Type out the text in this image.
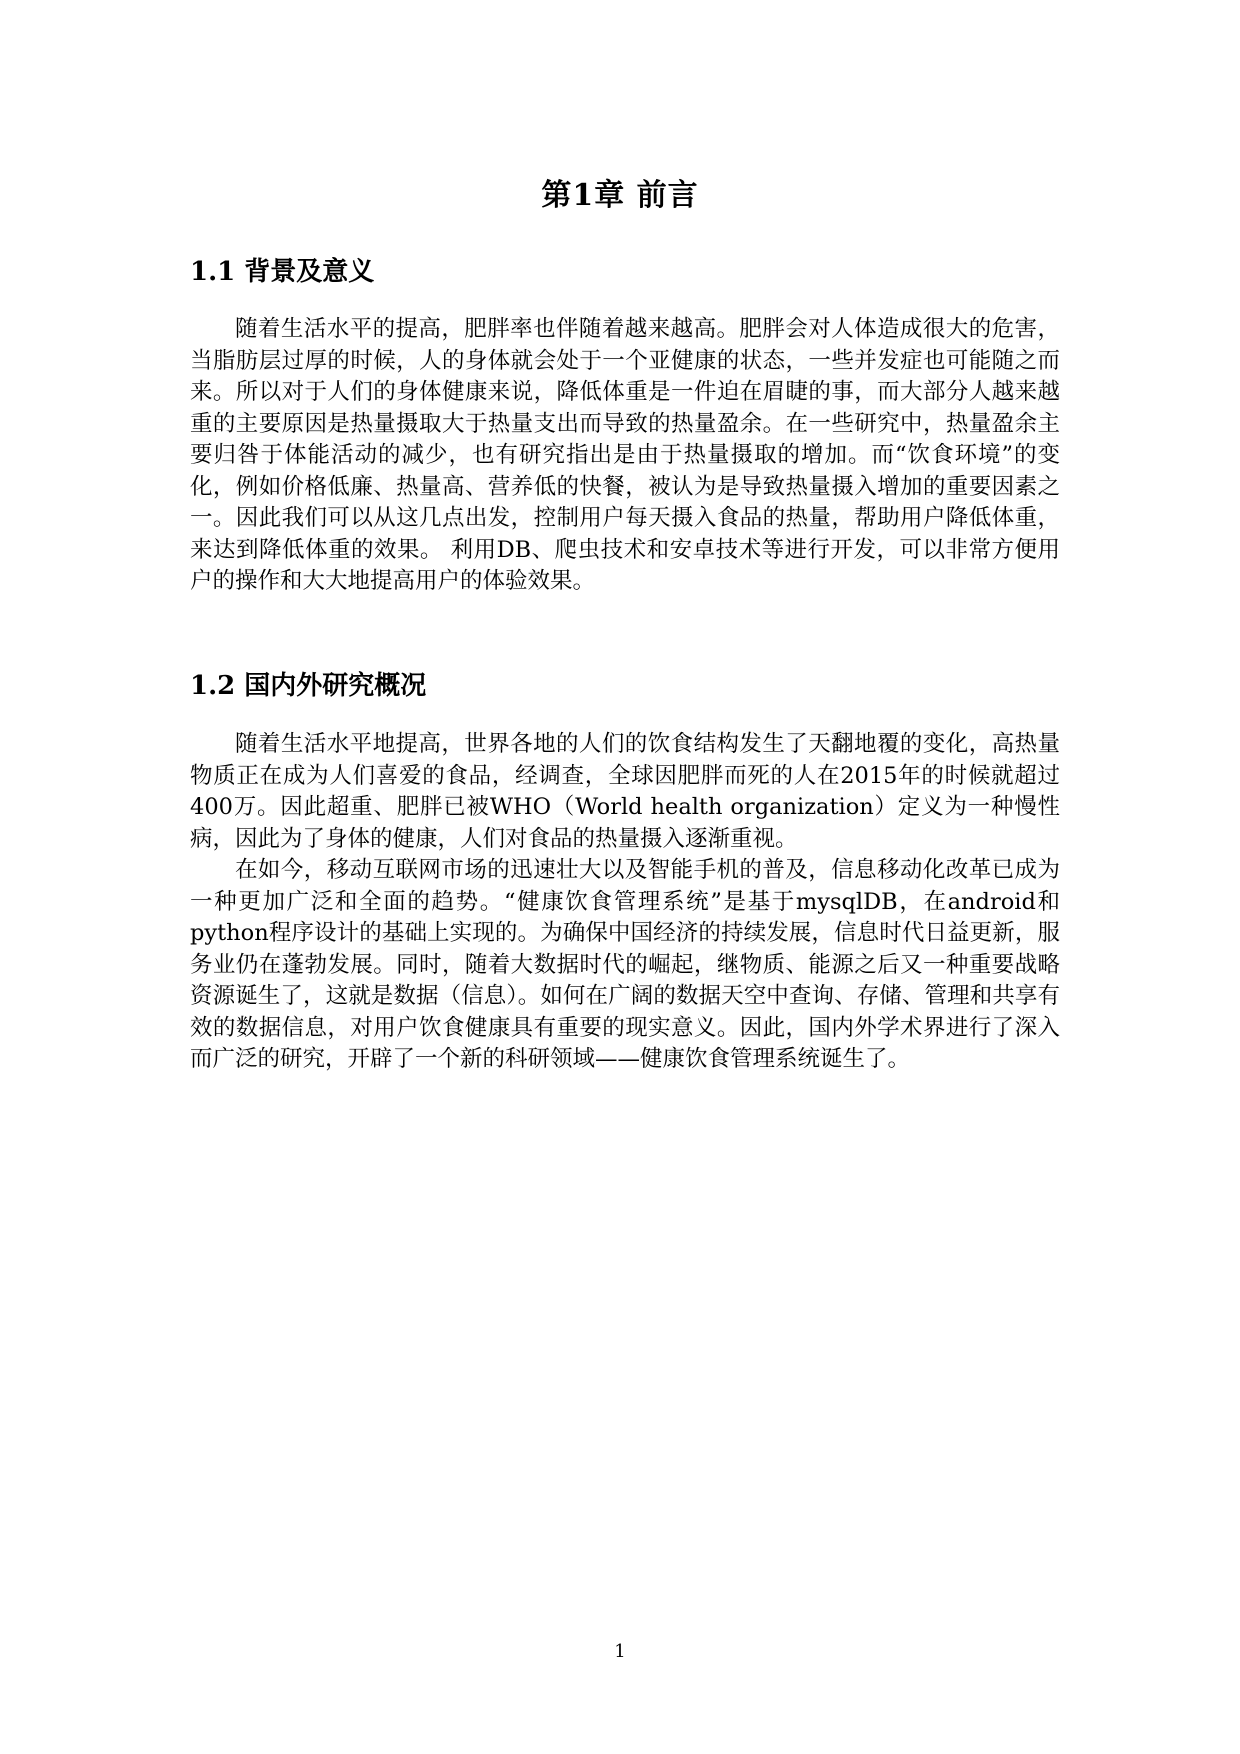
第1章 前言
1.1 背景及意义

随着生活水平的提高，肥胖率也伴随着越来越高。肥胖会对人体造成很大的危害，当脂肪层过厚的时候，人的身体就会处于一个亚健康的状态，一些并发症也可能随之而来。所以对于人们的身体健康来说，降低体重是一件迫在眉睫的事，而大部分人越来越重的主要原因是热量摄取大于热量支出而导致的热量盈余。在一些研究中，热量盈余主要归咎于体能活动的减少，也有研究指出是由于热量摄取的增加。而“饮食环境”的变化，例如价格低廉、热量高、营养低的快餐，被认为是导致热量摄入增加的重要因素之一。因此我们可以从这几点出发，控制用户每天摄入食品的热量，帮助用户降低体重，来达到降低体重的效果。 利用DB、爬虫技术和安卓技术等进行开发，可以非常方便用户的操作和大大地提高用户的体验效果。

1.2 国内外研究概况

随着生活水平地提高，世界各地的人们的饮食结构发生了天翻地覆的变化，高热量物质正在成为人们喜爱的食品，经调查，全球因肥胖而死的人在2015年的时候就超过400万。因此超重、肥胖已被WHO（World health organization）定义为一种慢性病，因此为了身体的健康，人们对食品的热量摄入逐渐重视。

在如今，移动互联网市场的迅速壮大以及智能手机的普及，信息移动化改革已成为一种更加广泛和全面的趋势。“健康饮食管理系统”是基于mysqlDB，在android和python程序设计的基础上实现的。为确保中国经济的持续发展，信息时代日益更新，服务业仍在蓬勃发展。同时，随着大数据时代的崛起，继物质、能源之后又一种重要战略资源诞生了，这就是数据（信息）。如何在广阔的数据天空中查询、存储、管理和共享有效的数据信息，对用户饮食健康具有重要的现实意义。因此，国内外学术界进行了深入而广泛的研究，开辟了一个新的科研领域——健康饮食管理系统诞生了。

1
